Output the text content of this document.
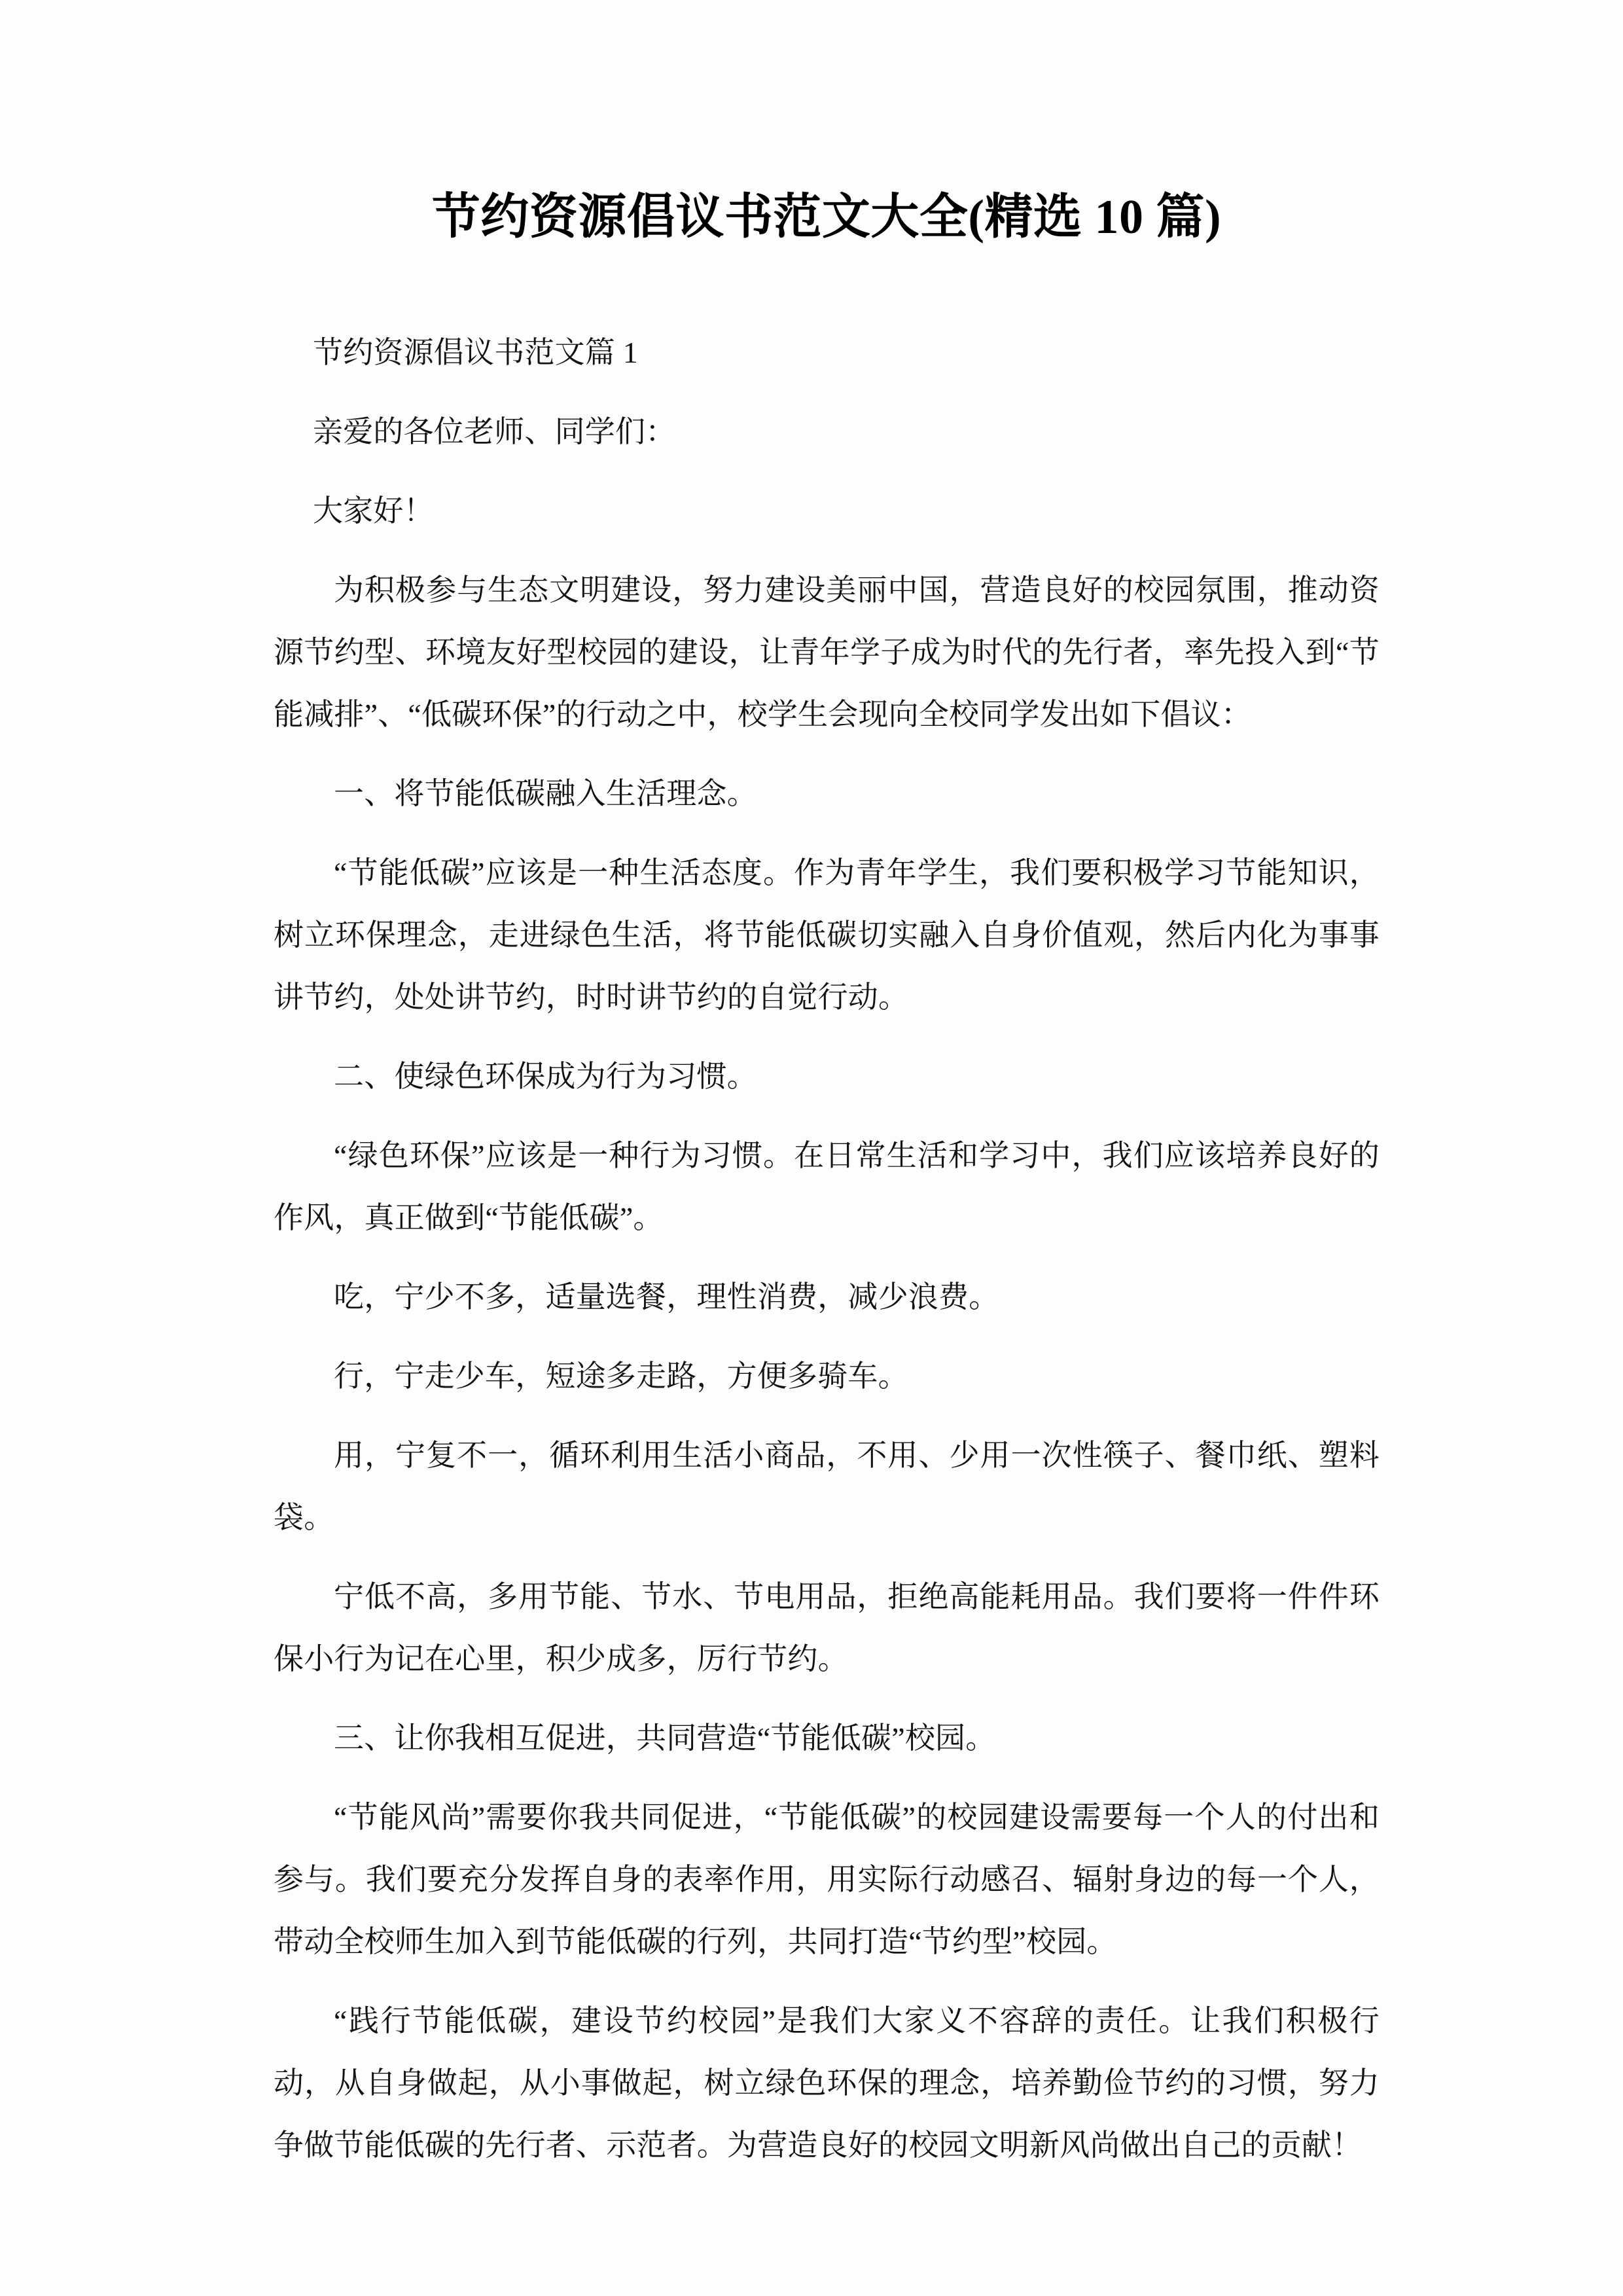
节约资源倡议书范文大全(精选 10 篇)

节约资源倡议书范文篇 1

亲爱的各位老师、同学们：

大家好！

为积极参与生态文明建设，努力建设美丽中国，营造良好的校园氛围，推动资源节约型、环境友好型校园的建设，让青年学子成为时代的先行者，率先投入到“节能减排”、“低碳环保”的行动之中，校学生会现向全校同学发出如下倡议：

一、将节能低碳融入生活理念。

“节能低碳”应该是一种生活态度。作为青年学生，我们要积极学习节能知识，树立环保理念，走进绿色生活，将节能低碳切实融入自身价值观，然后内化为事事讲节约，处处讲节约，时时讲节约的自觉行动。

二、使绿色环保成为行为习惯。

“绿色环保”应该是一种行为习惯。在日常生活和学习中，我们应该培养良好的作风，真正做到“节能低碳”。

吃，宁少不多，适量选餐，理性消费，减少浪费。

行，宁走少车，短途多走路，方便多骑车。

用，宁复不一，循环利用生活小商品，不用、少用一次性筷子、餐巾纸、塑料袋。

宁低不高，多用节能、节水、节电用品，拒绝高能耗用品。我们要将一件件环保小行为记在心里，积少成多，厉行节约。

三、让你我相互促进，共同营造“节能低碳”校园。

“节能风尚”需要你我共同促进，“节能低碳”的校园建设需要每一个人的付出和参与。我们要充分发挥自身的表率作用，用实际行动感召、辐射身边的每一个人，带动全校师生加入到节能低碳的行列，共同打造“节约型”校园。

“践行节能低碳，建设节约校园”是我们大家义不容辞的责任。让我们积极行动，从自身做起，从小事做起，树立绿色环保的理念，培养勤俭节约的习惯，努力争做节能低碳的先行者、示范者。为营造良好的校园文明新风尚做出自己的贡献！
